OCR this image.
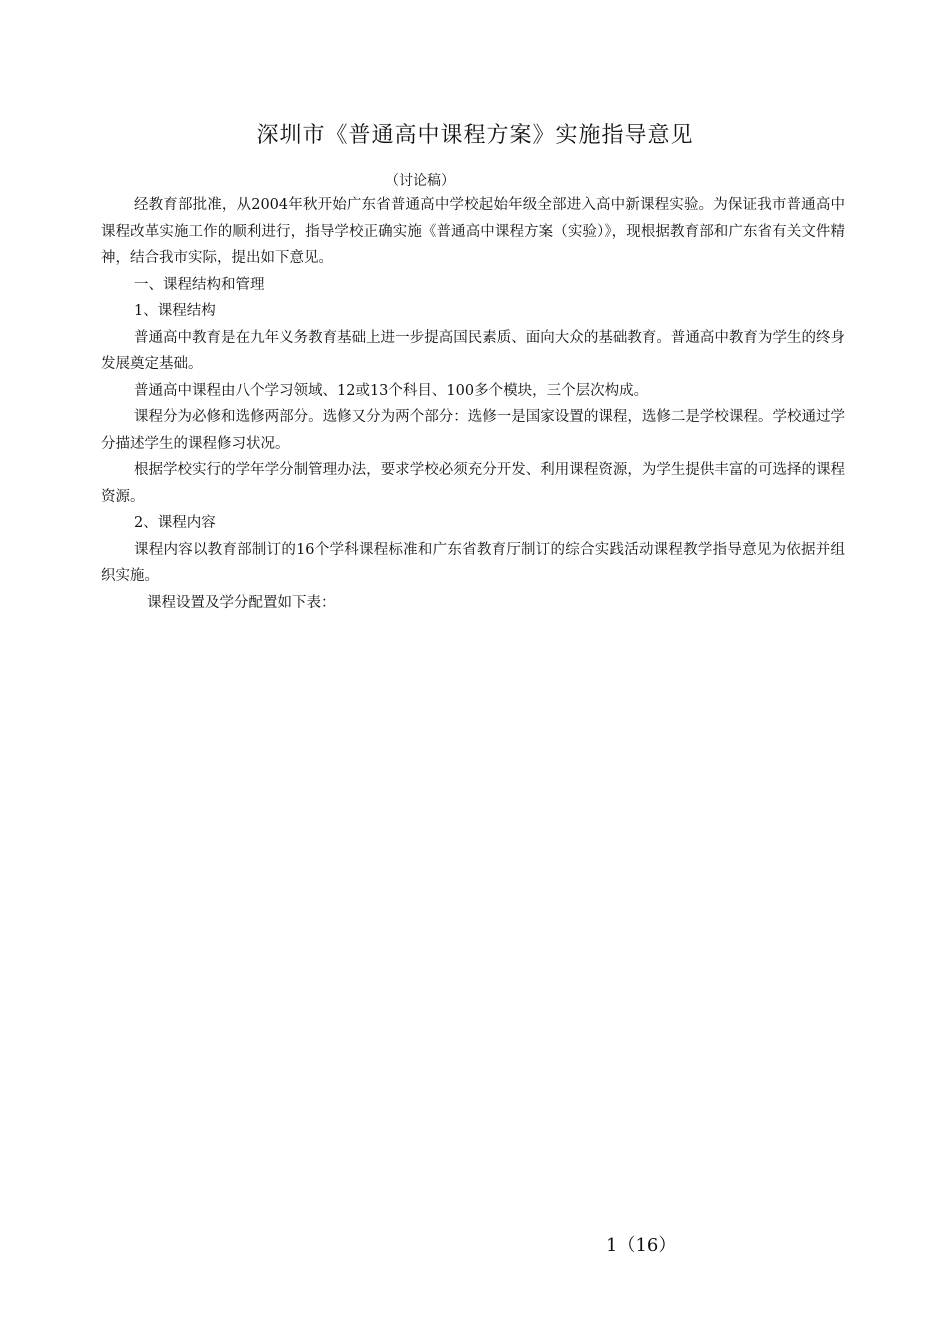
深圳市《普通高中课程方案》实施指导意见
（讨论稿）

经教育部批准，从2004年秋开始广东省普通高中学校起始年级全部进入高中新课程实验。为保证我市普通高中课程改革实施工作的顺利进行，指导学校正确实施《普通高中课程方案（实验）》，现根据教育部和广东省有关文件精神，结合我市实际，提出如下意见。

一、课程结构和管理

1、课程结构

普通高中教育是在九年义务教育基础上进一步提高国民素质、面向大众的基础教育。普通高中教育为学生的终身发展奠定基础。

普通高中课程由八个学习领域、12或13个科目、100多个模块，三个层次构成。

课程分为必修和选修两部分。选修又分为两个部分：选修一是国家设置的课程，选修二是学校课程。学校通过学分描述学生的课程修习状况。

根据学校实行的学年学分制管理办法，要求学校必须充分开发、利用课程资源，为学生提供丰富的可选择的课程资源。

2、课程内容

课程内容以教育部制订的16个学科课程标准和广东省教育厅制订的综合实践活动课程教学指导意见为依据并组织实施。

课程设置及学分配置如下表：

1（16）
